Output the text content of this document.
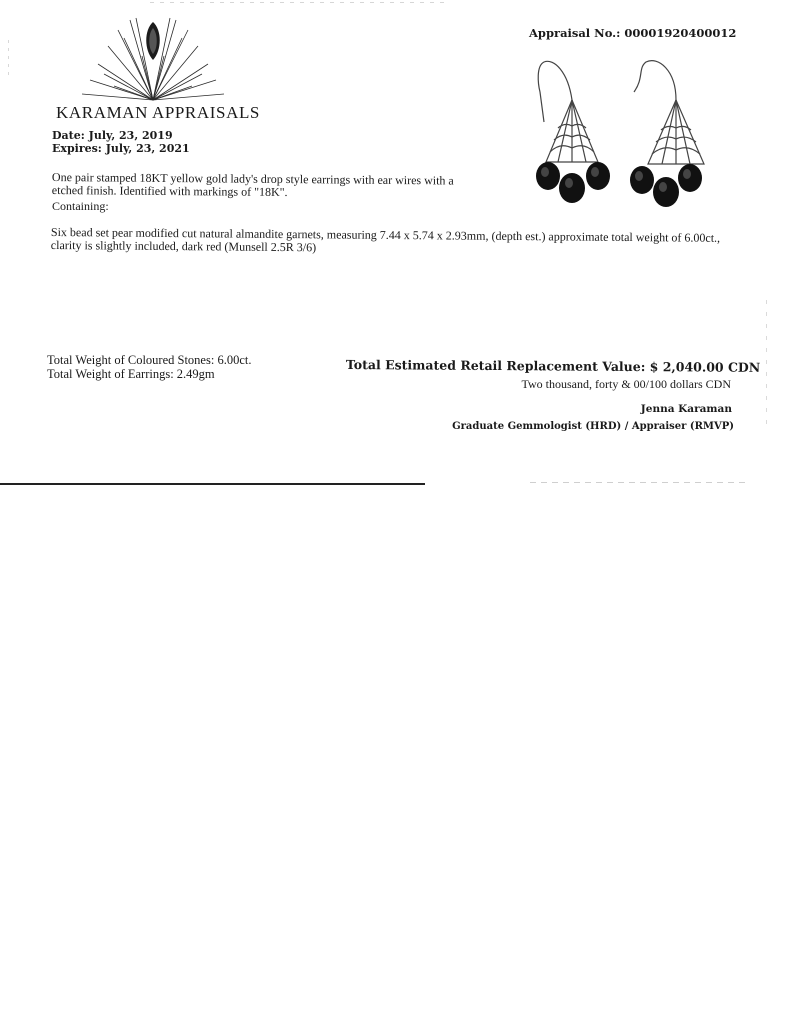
KARAMAN APPRAISALS
Date: July, 23, 2019
Expires: July, 23, 2021
Appraisal No.: 00001920400012
One pair stamped 18KT yellow gold lady's drop style earrings with ear wires with a etched finish. Identified with markings of "18K".
Containing:
Six bead set pear modified cut natural almandite garnets, measuring 7.44 x 5.74 x 2.93mm, (depth est.) approximate total weight of 6.00ct., clarity is slightly included, dark red (Munsell 2.5R 3/6)
Total Weight of Coloured Stones: 6.00ct.
Total Weight of Earrings: 2.49gm	Total Estimated Retail Replacement Value: $ 2,040.00 CDN
Two thousand, forty & 00/100 dollars CDN
Jenna Karaman
Graduate Gemmologist (HRD) / Appraiser (RMVP)
